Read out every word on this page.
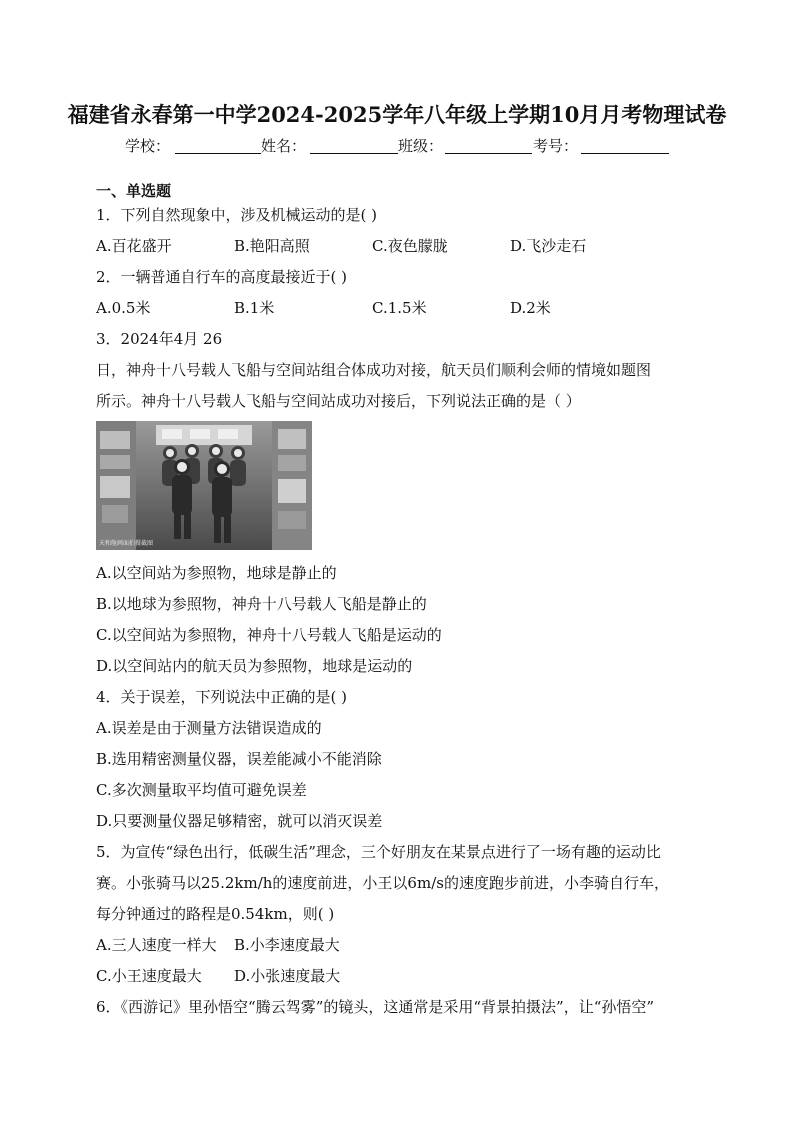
福建省永春第一中学2024-2025学年八年级上学期10月月考物理试卷
学校：	姓名：	班级：	考号：
一、单选题
1．下列自然现象中，涉及机械运动的是( )
A.百花盛开	B.艳阳高照	C.夜色朦胧	D.飞沙走石
2．一辆普通自行车的高度最接近于( )
A.0.5米	B.1米	C.1.5米	D.2米
3．2024年4月 26
日，神舟十八号载人飞船与空间站组合体成功对接，航天员们顺利会师的情境如题图
所示。神舟十八号载人飞船与空间站成功对接后，下列说法正确的是（ ）
天和舱画面拍摄截图
A.以空间站为参照物，地球是静止的
B.以地球为参照物，神舟十八号载人飞船是静止的
C.以空间站为参照物，神舟十八号载人飞船是运动的
D.以空间站内的航天员为参照物，地球是运动的
4．关于误差，下列说法中正确的是( )
A.误差是由于测量方法错误造成的
B.选用精密测量仪器，误差能减小不能消除
C.多次测量取平均值可避免误差
D.只要测量仪器足够精密，就可以消灭误差
5．为宣传“绿色出行，低碳生活”理念，三个好朋友在某景点进行了一场有趣的运动比
赛。小张骑马以25.2km/h的速度前进，小王以6m/s的速度跑步前进，小李骑自行车，
每分钟通过的路程是0.54km，则( )
A.三人速度一样大 B.小李速度最大
C.小王速度最大 D.小张速度最大
6．《西游记》里孙悟空“腾云驾雾”的镜头，这通常是采用“背景拍摄法”，让“孙悟空”
